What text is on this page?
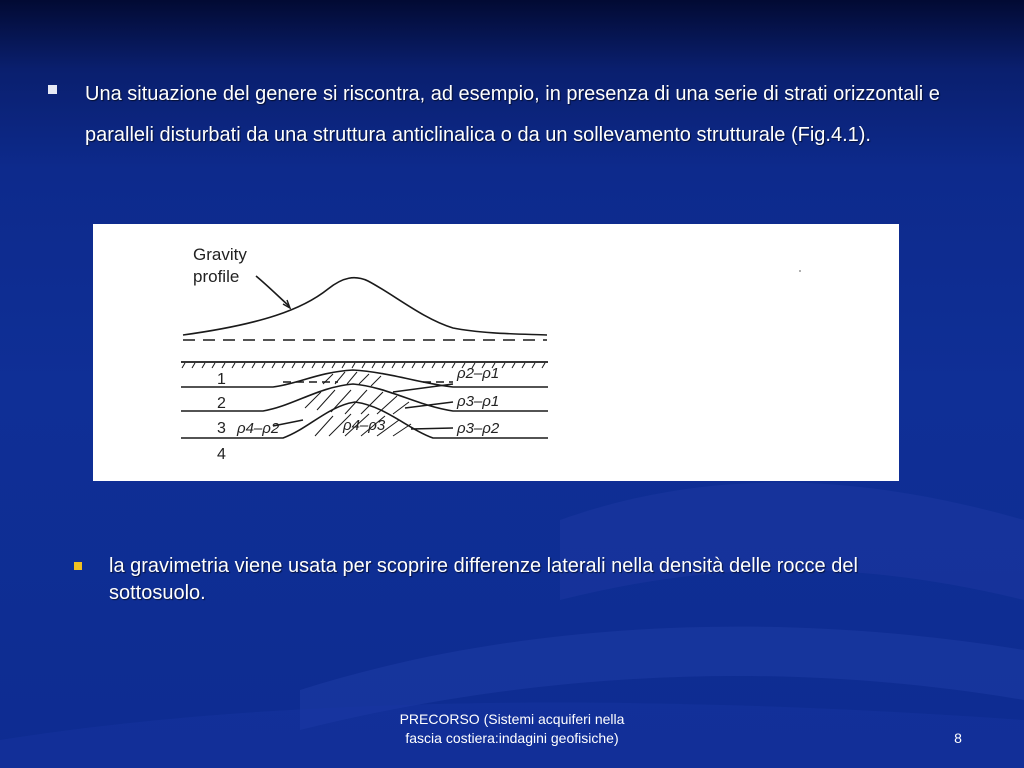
Una situazione del genere si riscontra, ad esempio, in presenza di una serie di strati orizzontali e paralleli disturbati da una struttura anticlinalica o da un sollevamento strutturale (Fig.4.1).
Gravity
profile
1
2
3
4
ρ2–ρ1
ρ3–ρ1
ρ4–ρ2	ρ4–ρ3	ρ3–ρ2
la gravimetria viene usata per scoprire differenze laterali nella densità delle rocce del sottosuolo.
PRECORSO (Sistemi acquiferi nella
fascia costiera:indagini geofisiche)	8
